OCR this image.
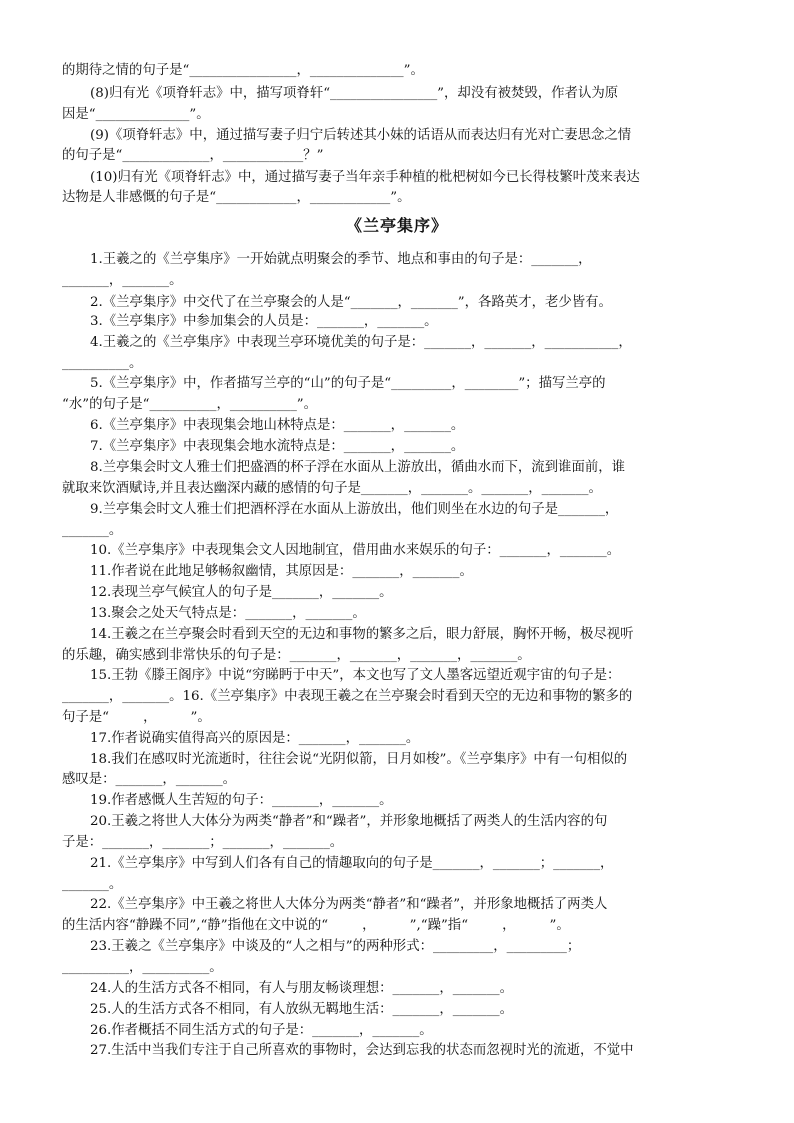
的期待之情的句子是“________________，______________”。
(8)归有光《项脊轩志》中，描写项脊轩“________________”，却没有被焚毁，作者认为原
因是“______________”。
(9)《项脊轩志》中，通过描写妻子归宁后转述其小妹的话语从而表达归有光对亡妻思念之情
的句子是“_____________，____________？”
(10)归有光《项脊轩志》中，通过描写妻子当年亲手种植的枇杷树如今已长得枝繁叶茂来表达
达物是人非感慨的句子是“____________，____________”。
《兰亭集序》
1.王羲之的《兰亭集序》一开始就点明聚会的季节、地点和事由的句子是：_______，
_______，_______。
2.《兰亭集序》中交代了在兰亭聚会的人是“_______，_______”，各路英才，老少皆有。
3.《兰亭集序》中参加集会的人员是：_______，_______。
4.王羲之的《兰亭集序》中表现兰亭环境优美的句子是：_______，_______，___________，
__________。
5.《兰亭集序》中，作者描写兰亭的“山”的句子是“_________，________”；描写兰亭的
“水”的句子是“__________，__________”。
6.《兰亭集序》中表现集会地山林特点是：_______，_______。
7.《兰亭集序》中表现集会地水流特点是：_______，_______。
8.兰亭集会时文人雅士们把盛酒的杯子浮在水面从上游放出，循曲水而下，流到谁面前，谁
就取来饮酒赋诗,并且表达幽深内藏的感情的句子是_______，_______。_______，_______。
9.兰亭集会时文人雅士们把酒杯浮在水面从上游放出，他们则坐在水边的句子是_______，
_______。
10.《兰亭集序》中表现集会文人因地制宜，借用曲水来娱乐的句子：_______，_______。
11.作者说在此地足够畅叙幽情，其原因是：_______，_______。
12.表现兰亭气候宜人的句子是_______，_______。
13.聚会之处天气特点是：_______，_______。
14.王羲之在兰亭聚会时看到天空的无边和事物的繁多之后，眼力舒展，胸怀开畅，极尽视听
的乐趣，确实感到非常快乐的句子是：_______，_______，_______，_______。
15.王勃《滕王阁序》中说“穷睇眄于中天”，本文也写了文人墨客远望近观宇宙的句子是：
_______，_______。16.《兰亭集序》中表现王羲之在兰亭聚会时看到天空的无边和事物的繁多的
句子是“        ，        ”。
17.作者说确实值得高兴的原因是：_______，_______。
18.我们在感叹时光流逝时，往往会说“光阴似箭，日月如梭”。《兰亭集序》中有一句相似的
感叹是：_______，_______。
19.作者感慨人生苦短的句子：_______，_______。
20.王羲之将世人大体分为两类“静者”和“躁者”，并形象地概括了两类人的生活内容的句
子是：_______，_______；_______，_______。
21.《兰亭集序》中写到人们各有自己的情趣取向的句子是_______，_______；_______，
_______。
22.《兰亭集序》中王羲之将世人大体分为两类“静者”和“躁者”，并形象地概括了两类人
的生活内容“静躁不同”,“静”指他在文中说的“        ，        ”,“躁”指“        ，        ”。
23.王羲之《兰亭集序》中谈及的“人之相与”的两种形式：_________，_________；
__________，__________。
24.人的生活方式各不相同，有人与朋友畅谈理想：_______，_______。
25.人的生活方式各不相同，有人放纵无羁地生活：_______，_______。
26.作者概括不同生活方式的句子是：_______，_______。
27.生活中当我们专注于自己所喜欢的事物时，会达到忘我的状态而忽视时光的流逝，不觉中
